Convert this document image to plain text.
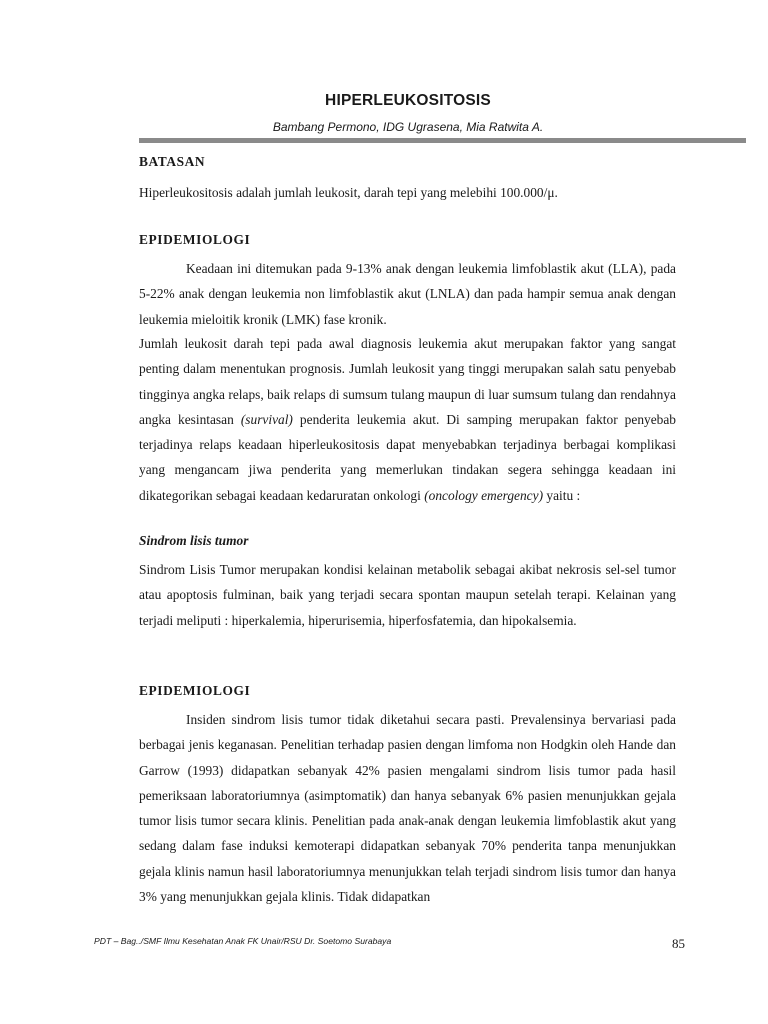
HIPERLEUKOSITOSIS
Bambang Permono, IDG Ugrasena, Mia Ratwita A.
BATASAN
Hiperleukositosis adalah jumlah leukosit, darah tepi yang melebihi 100.000/μ.
EPIDEMIOLOGI
Keadaan ini ditemukan pada 9-13% anak dengan leukemia limfoblastik akut (LLA), pada 5-22% anak dengan leukemia non limfoblastik akut (LNLA) dan pada hampir semua anak dengan leukemia mieloitik kronik (LMK) fase kronik.
Jumlah leukosit darah tepi pada awal diagnosis leukemia akut merupakan faktor yang sangat penting dalam menentukan prognosis. Jumlah leukosit yang tinggi merupakan salah satu penyebab tingginya angka relaps, baik relaps di sumsum tulang maupun di luar sumsum tulang dan rendahnya angka kesintasan (survival) penderita leukemia akut. Di samping merupakan faktor penyebab terjadinya relaps keadaan hiperleukositosis dapat menyebabkan terjadinya berbagai komplikasi yang mengancam jiwa penderita yang memerlukan tindakan segera sehingga keadaan ini dikategorikan sebagai keadaan kedaruratan onkologi (oncology emergency) yaitu :
Sindrom lisis tumor
Sindrom Lisis Tumor merupakan kondisi kelainan metabolik sebagai akibat nekrosis sel-sel tumor atau apoptosis fulminan, baik yang terjadi secara spontan maupun setelah terapi. Kelainan yang terjadi meliputi : hiperkalemia, hiperurisemia, hiperfosfatemia, dan hipokalsemia.
EPIDEMIOLOGI
Insiden sindrom lisis tumor tidak diketahui secara pasti. Prevalensinya bervariasi pada berbagai jenis keganasan. Penelitian terhadap pasien dengan limfoma non Hodgkin oleh Hande dan Garrow (1993) didapatkan sebanyak 42% pasien mengalami sindrom lisis tumor pada hasil pemeriksaan laboratoriumnya (asimptomatik) dan hanya sebanyak 6% pasien menunjukkan gejala tumor lisis tumor secara klinis. Penelitian pada anak-anak dengan leukemia limfoblastik akut yang sedang dalam fase induksi kemoterapi didapatkan sebanyak 70% penderita tanpa menunjukkan gejala klinis namun hasil laboratoriumnya menunjukkan telah terjadi sindrom lisis tumor dan hanya 3% yang menunjukkan gejala klinis. Tidak didapatkan
PDT – Bag../SMF Ilmu Kesehatan Anak FK Unair/RSU Dr. Soetomo Surabaya	85
